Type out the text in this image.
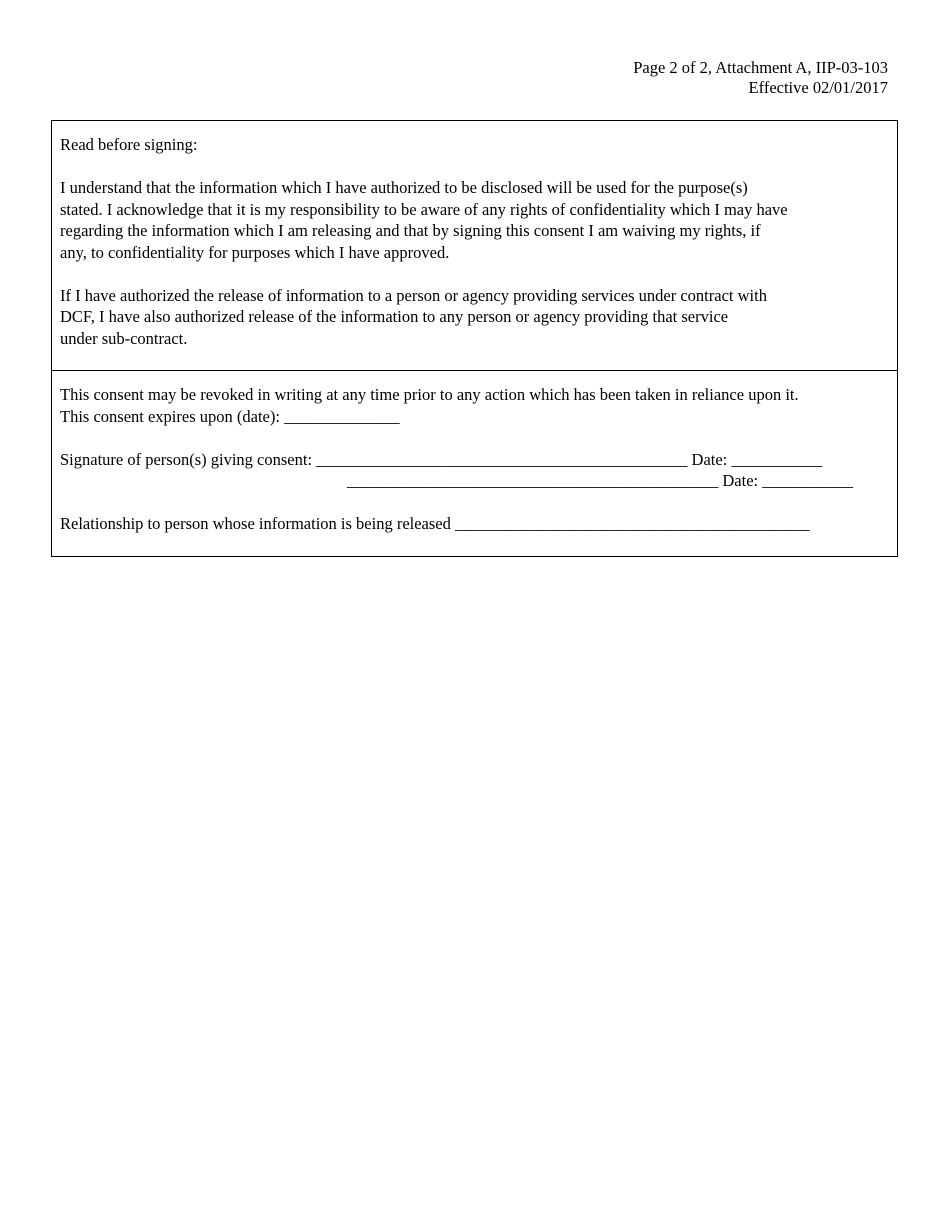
Page 2 of 2, Attachment A, IIP-03-103
Effective 02/01/2017
Read before signing:
I understand that the information which I have authorized to be disclosed will be used for the purpose(s)
stated. I acknowledge that it is my responsibility to be aware of any rights of confidentiality which I may have
regarding the information which I am releasing and that by signing this consent I am waiving my rights, if
any, to confidentiality for purposes which I have approved.
If I have authorized the release of information to a person or agency providing services under contract with
DCF, I have also authorized release of the information to any person or agency providing that service
under sub-contract.
This consent may be revoked in writing at any time prior to any action which has been taken in reliance upon it.
This consent expires upon (date): ______________
Signature of person(s) giving consent: _____________________________________________ Date: ___________
_____________________________________________ Date: ___________
Relationship to person whose information is being released ___________________________________________
